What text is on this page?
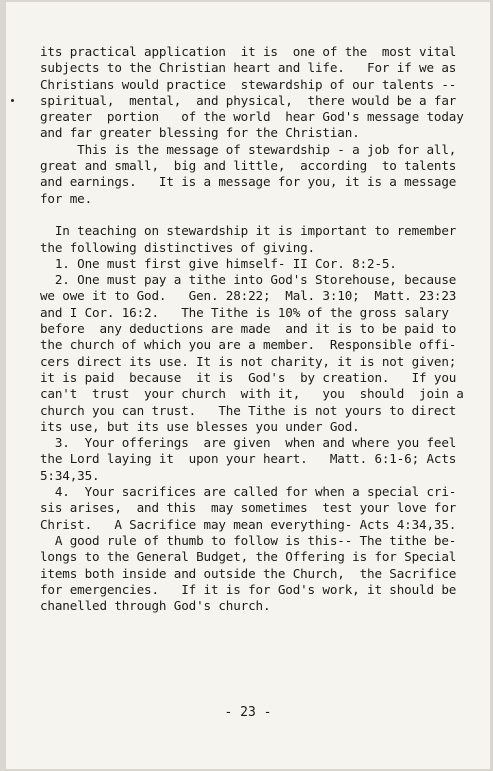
its practical application  it is  one of the  most vital
subjects to the Christian heart and life.   For if we as
Christians would practice  stewardship of our talents --
spiritual,  mental,  and physical,  there would be a far
greater  portion   of the world  hear God's message today
and far greater blessing for the Christian.
This is the message of stewardship - a job for all,
great and small,  big and little,  according  to talents
and earnings.   It is a message for you, it is a message
for me.
In teaching on stewardship it is important to remember
the following distinctives of giving.
1. One must first give himself- II Cor. 8:2-5.
2. One must pay a tithe into God's Storehouse, because
we owe it to God.   Gen. 28:22;  Mal. 3:10;  Matt. 23:23
and I Cor. 16:2.   The Tithe is 10% of the gross salary
before  any deductions are made  and it is to be paid to
the church of which you are a member.  Responsible offi-
cers direct its use. It is not charity, it is not given;
it is paid  because  it is  God's  by creation.   If you
can't  trust  your church  with it,   you  should  join a
church you can trust.   The Tithe is not yours to direct
its use, but its use blesses you under God.
3.  Your offerings  are given  when and where you feel
the Lord laying it  upon your heart.   Matt. 6:1-6; Acts
5:34,35.
4.  Your sacrifices are called for when a special cri-
sis arises,  and this  may sometimes  test your love for
Christ.   A Sacrifice may mean everything- Acts 4:34,35.
A good rule of thumb to follow is this-- The tithe be-
longs to the General Budget, the Offering is for Special
items both inside and outside the Church,  the Sacrifice
for emergencies.   If it is for God's work, it should be
chanelled through God's church.
- 23 -
